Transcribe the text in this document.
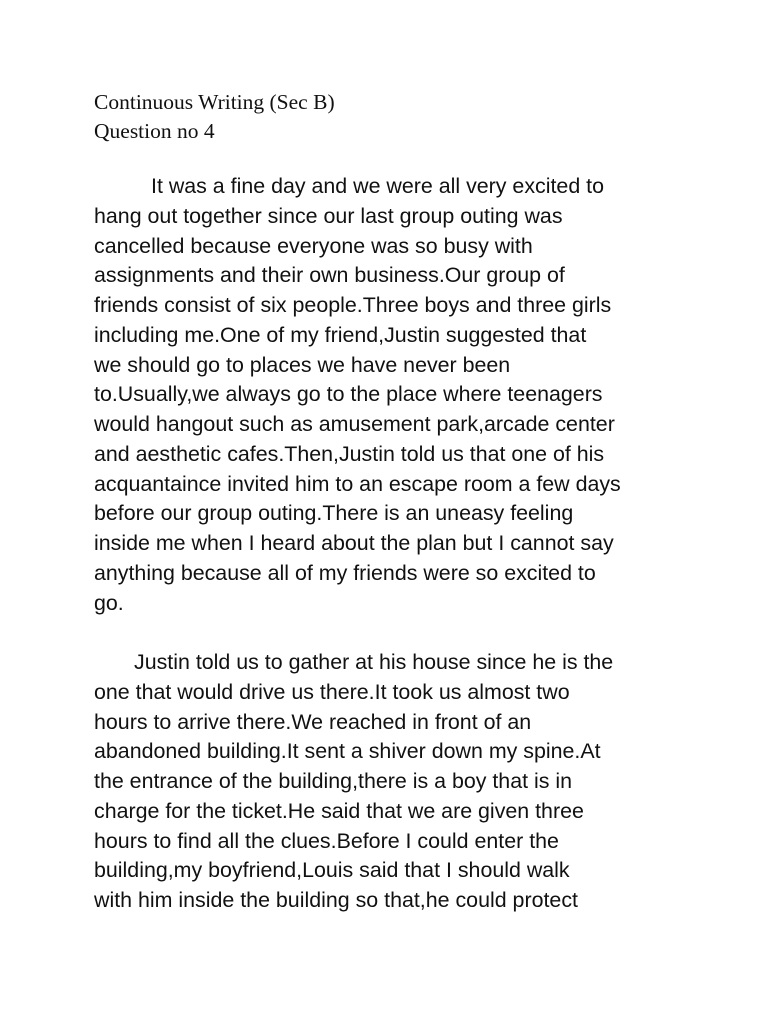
Continuous Writing (Sec B)
Question no 4
It was a fine day and we were all very excited to
hang out together since our last group outing was
cancelled because everyone was so busy with
assignments and their own business.Our group of
friends consist of six people.Three boys and three girls
including me.One of my friend,Justin suggested that
we should go to places we have never been
to.Usually,we always go to the place where teenagers
would hangout such as amusement park,arcade center
and aesthetic cafes.Then,Justin told us that one of his
acquantaince invited him to an escape room a few days
before our group outing.There is an uneasy feeling
inside me when I heard about the plan but I cannot say
anything because all of my friends were so excited to
go.
Justin told us to gather at his house since he is the
one that would drive us there.It took us almost two
hours to arrive there.We reached in front of an
abandoned building.It sent a shiver down my spine.At
the entrance of the building,there is a boy that is in
charge for the ticket.He said that we are given three
hours to find all the clues.Before I could enter the
building,my boyfriend,Louis said that I should walk
with him inside the building so that,he could protect
